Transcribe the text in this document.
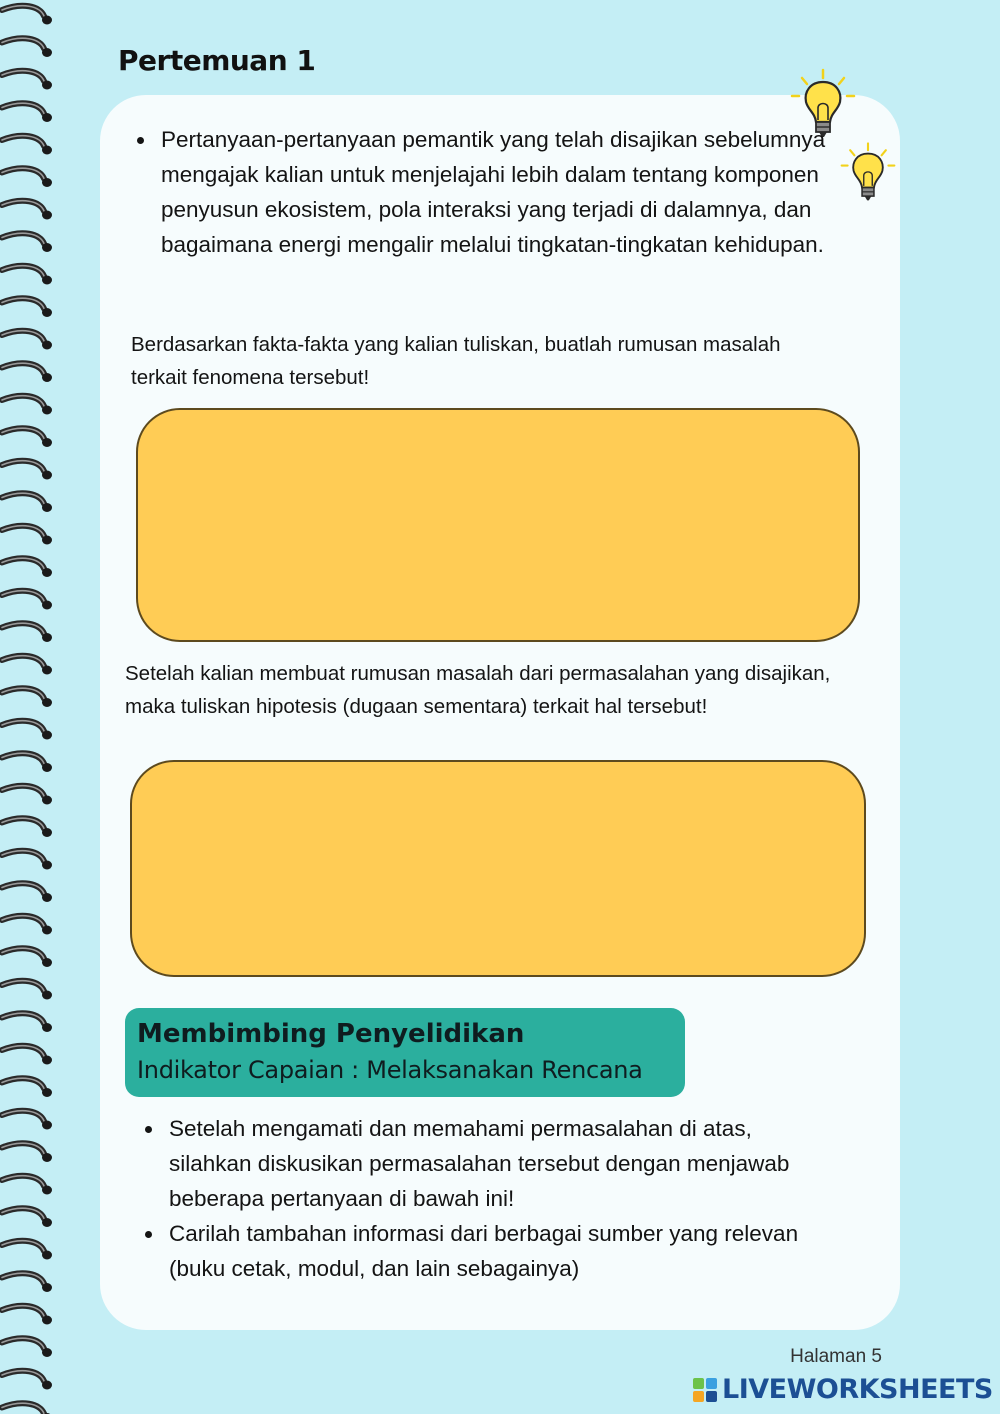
Pertemuan 1
Pertanyaan-pertanyaan pemantik yang telah disajikan sebelumnya mengajak kalian untuk menjelajahi lebih dalam tentang komponen penyusun ekosistem, pola interaksi yang terjadi di dalamnya, dan bagaimana energi mengalir melalui tingkatan-tingkatan kehidupan.

Berdasarkan fakta-fakta yang kalian tuliskan, buatlah rumusan masalah terkait fenomena tersebut!

Setelah kalian membuat rumusan masalah dari permasalahan yang disajikan, maka tuliskan hipotesis (dugaan sementara) terkait hal tersebut!

Membimbing Penyelidikan
Indikator Capaian : Melaksanakan Rencana
Setelah mengamati dan memahami permasalahan di atas, silahkan diskusikan permasalahan tersebut dengan menjawab beberapa pertanyaan di bawah ini!
Carilah tambahan informasi dari berbagai sumber yang relevan (buku cetak, modul, dan lain sebagainya)
Halaman 5
LIVEWORKSHEETS
